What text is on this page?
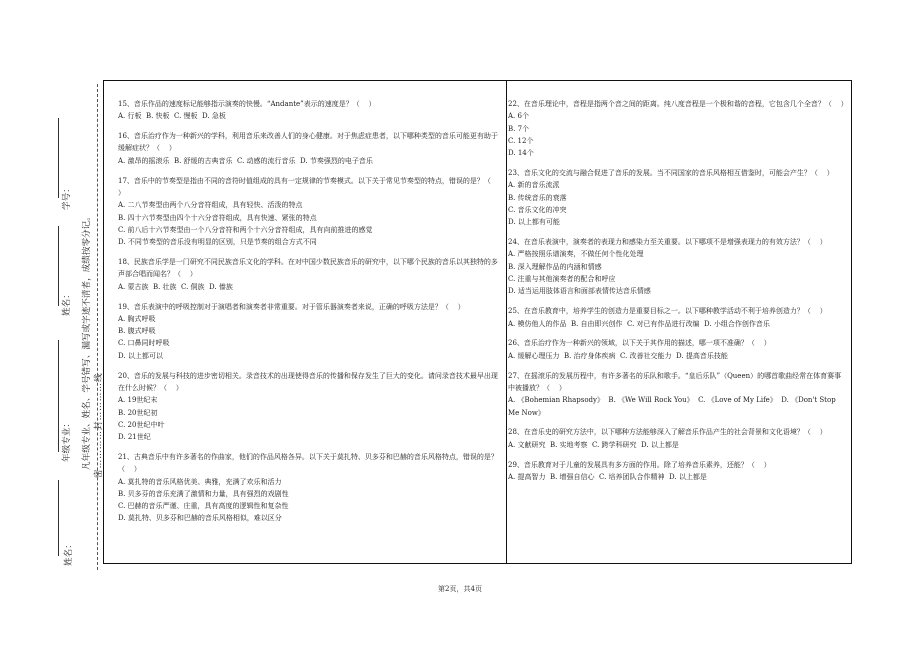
学号：
姓名：
年级专业：
姓名：
凡年级专业、姓名、学号错写、漏写或字迹不清者，成绩按零分记。 密…………封…………线
15、音乐作品的速度标记能够指示演奏的快慢。“Andante”表示的速度是？（    ）
A. 行板  B. 快板  C. 慢板  D. 急板
16、音乐治疗作为一种新兴的学科，利用音乐来改善人们的身心健康。对于焦虑症患者，以下哪种类型的音乐可能更有助于缓解症状？（    ）
A. 激昂的摇滚乐  B. 舒缓的古典音乐  C. 动感的流行音乐  D. 节奏强烈的电子音乐
17、音乐中的节奏型是指由不同的音符时值组成的具有一定规律的节奏模式。以下关于常见节奏型的特点，错误的是？（    ）
A. 二八节奏型由两个八分音符组成，具有轻快、活泼的特点
B. 四十六节奏型由四个十六分音符组成，具有快速、紧张的特点
C. 前八后十六节奏型由一个八分音符和两个十六分音符组成，具有向前推进的感觉
D. 不同节奏型的音乐没有明显的区别，只是节奏的组合方式不同
18、民族音乐学是一门研究不同民族音乐文化的学科。在对中国少数民族音乐的研究中，以下哪个民族的音乐以其独特的多声部合唱而闻名？（    ）
A. 蒙古族  B. 壮族  C. 侗族  D. 傣族
19、音乐表演中的呼吸控制对于演唱者和演奏者非常重要。对于管乐器演奏者来说，正确的呼吸方法是？（    ）
A. 胸式呼吸
B. 腹式呼吸
C. 口鼻同时呼吸
D. 以上都可以
20、音乐的发展与科技的进步密切相关。录音技术的出现使得音乐的传播和保存发生了巨大的变化。请问录音技术最早出现在什么时候？（    ）
A. 19世纪末
B. 20世纪初
C. 20世纪中叶
D. 21世纪
21、古典音乐中有许多著名的作曲家，他们的作品风格各异。以下关于莫扎特、贝多芬和巴赫的音乐风格特点，错误的是？（    ）
A. 莫扎特的音乐风格优美、典雅，充满了欢乐和活力
B. 贝多芬的音乐充满了激情和力量，具有强烈的戏剧性
C. 巴赫的音乐严谨、庄重，具有高度的逻辑性和复杂性
D. 莫扎特、贝多芬和巴赫的音乐风格相似，难以区分
22、在音乐理论中，音程是指两个音之间的距离。纯八度音程是一个极和谐的音程，它包含几个全音？（    ）
A. 6个
B. 7个
C. 12个
D. 14个
23、音乐文化的交流与融合促进了音乐的发展。当不同国家的音乐风格相互借鉴时，可能会产生？（    ）
A. 新的音乐流派
B. 传统音乐的衰落
C. 音乐文化的冲突
D. 以上都有可能
24、在音乐表演中，演奏者的表现力和感染力至关重要。以下哪项不是增强表现力的有效方法？（    ）
A. 严格按照乐谱演奏，不做任何个性化处理
B. 深入理解作品的内涵和情感
C. 注重与其他演奏者的配合和呼应
D. 适当运用肢体语言和面部表情传达音乐情感
25、在音乐教育中，培养学生的创造力是重要目标之一。以下哪种教学活动不利于培养创造力？（    ）
A. 模仿他人的作品  B. 自由即兴创作  C. 对已有作品进行改编  D. 小组合作创作音乐
26、音乐治疗作为一种新兴的领域，以下关于其作用的描述，哪一项不准确？（    ）
A. 缓解心理压力  B. 治疗身体疾病  C. 改善社交能力  D. 提高音乐技能
27、在摇滚乐的发展历程中，有许多著名的乐队和歌手。“皇后乐队”（Queen）的哪首歌曲经常在体育赛事中被播放？（    ）
A. 《Bohemian Rhapsody》  B. 《We Will Rock You》  C. 《Love of My Life》  D. 《Don't Stop Me Now》
28、在音乐史的研究方法中，以下哪种方法能够深入了解音乐作品产生的社会背景和文化语境？（    ）
A. 文献研究  B. 实地考察  C. 跨学科研究  D. 以上都是
29、音乐教育对于儿童的发展具有多方面的作用。除了培养音乐素养，还能？（    ）
A. 提高智力  B. 增强自信心  C. 培养团队合作精神  D. 以上都是
第2页，共4页
